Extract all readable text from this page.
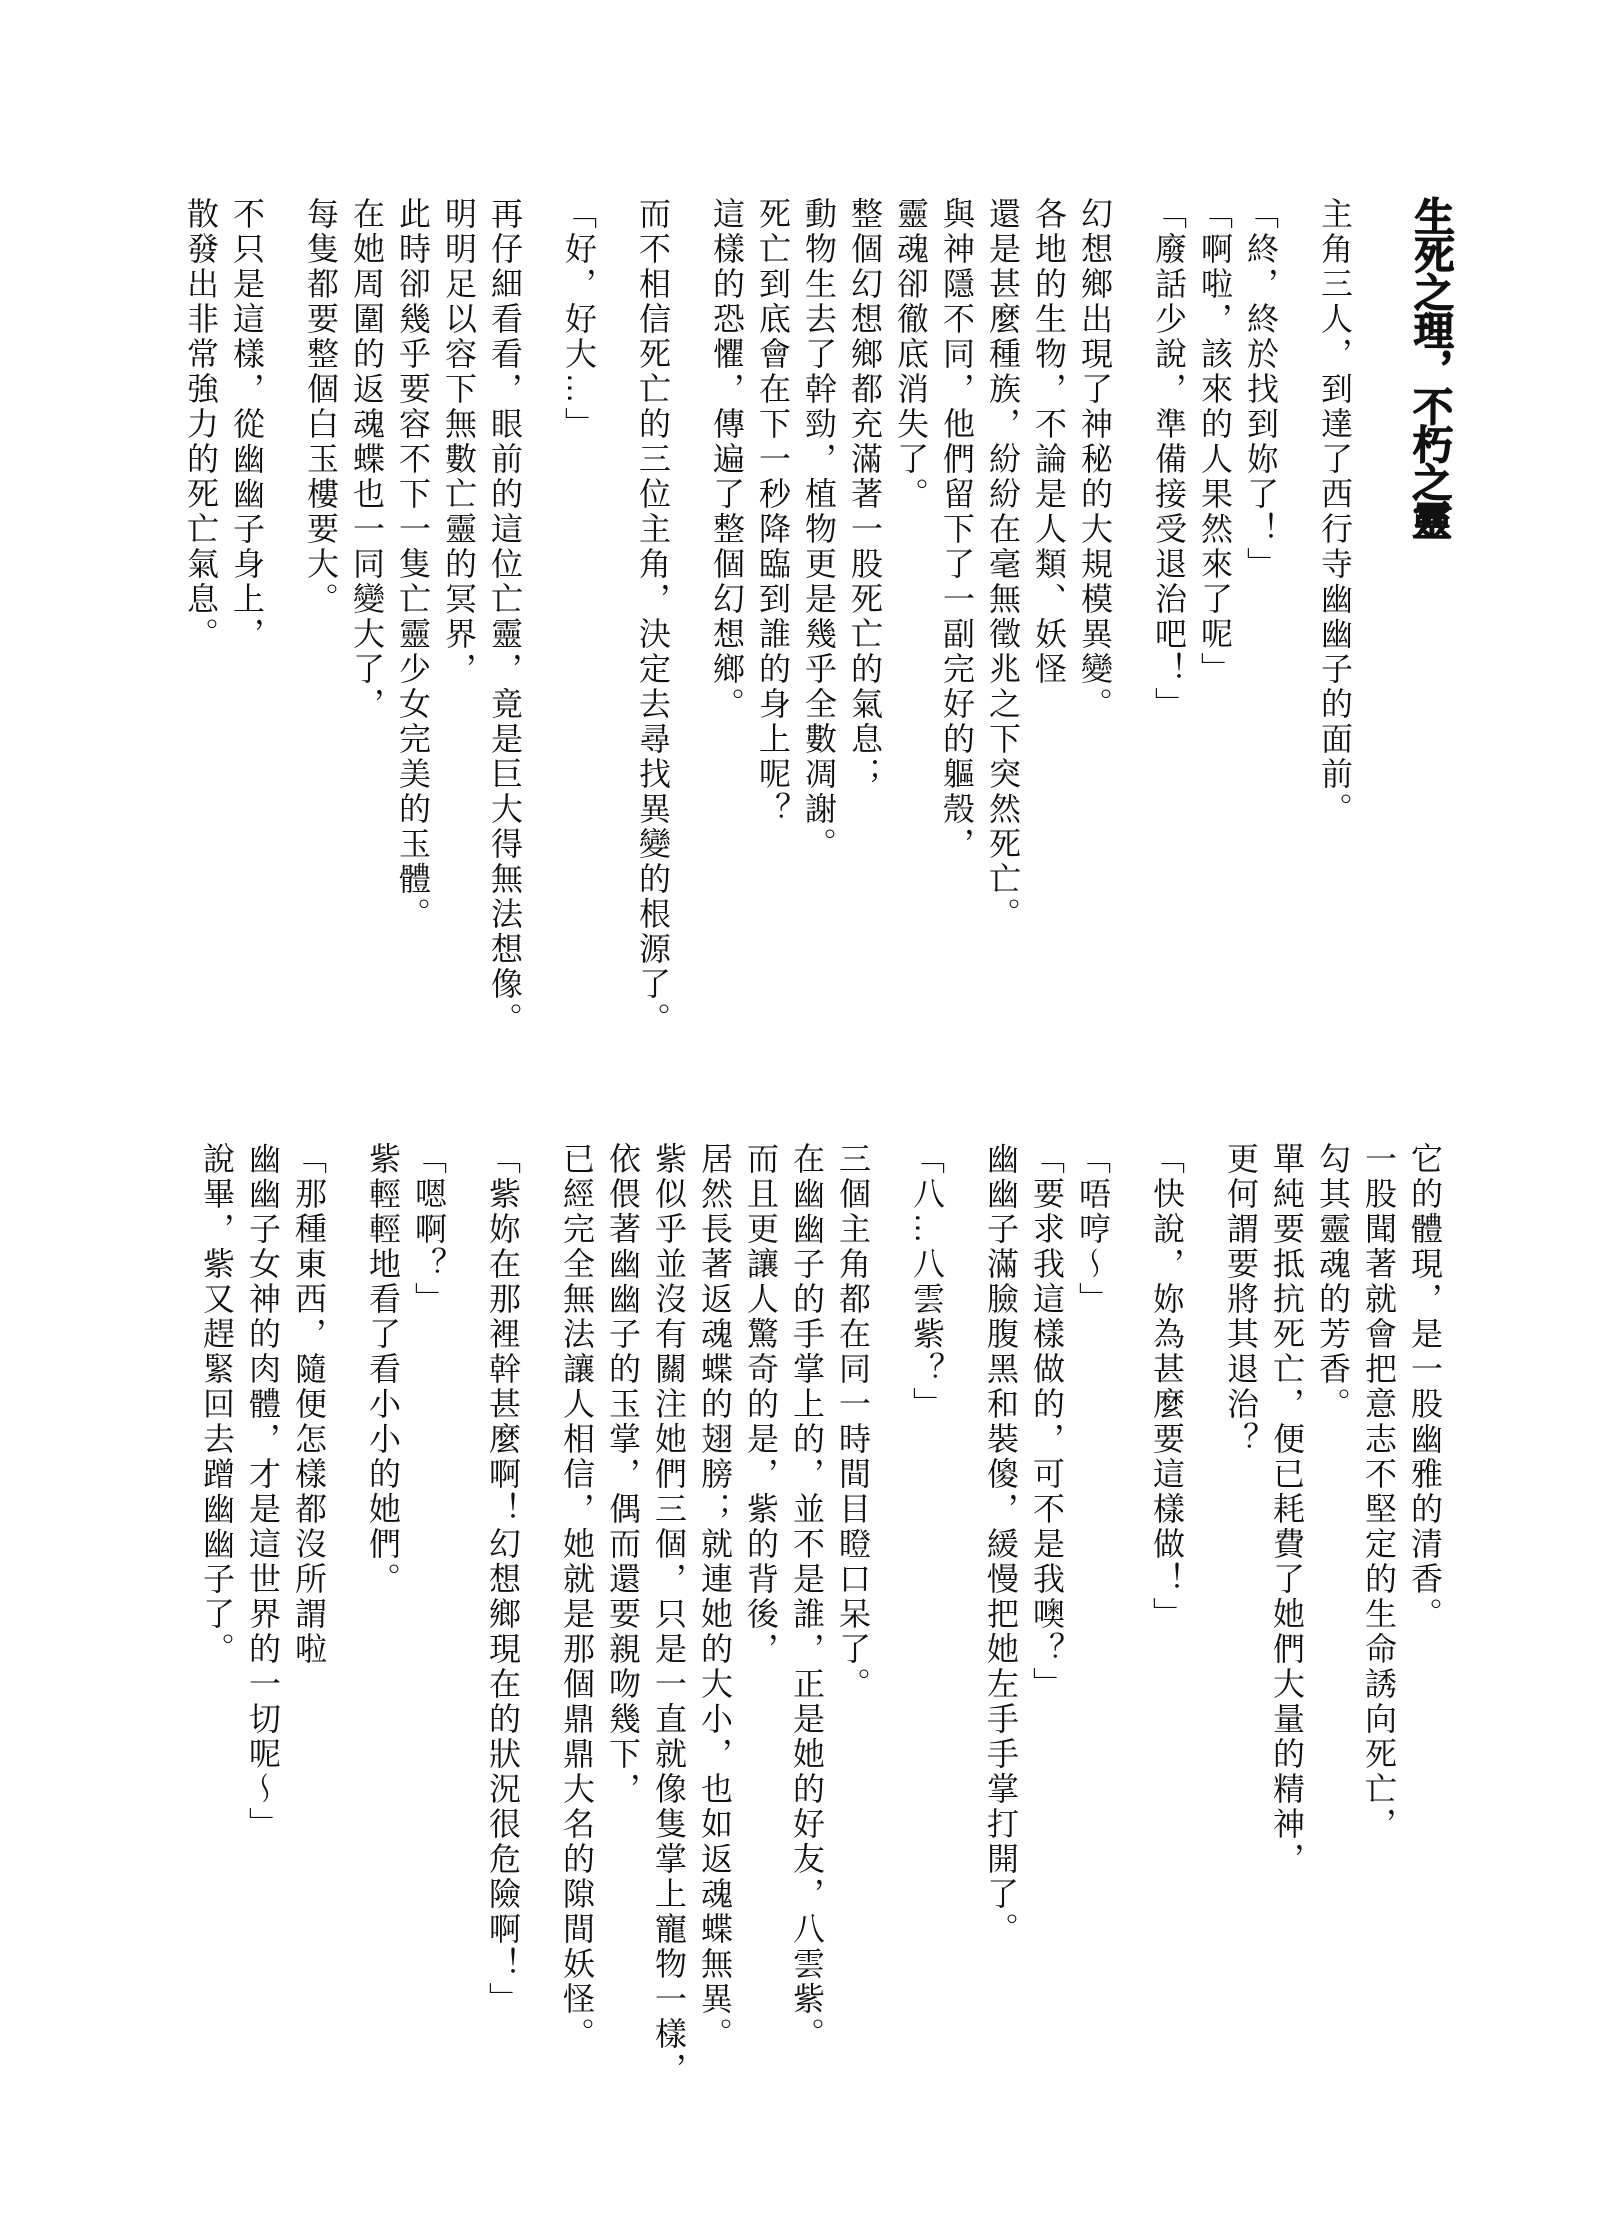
生死之理，不朽之靈
主角三人，到達了西行寺幽幽子的面前。
「終，終於找到妳了！」
「啊啦，該來的人果然來了呢」
「廢話少說，準備接受退治吧！」
幻想鄉出現了神秘的大規模異變。
各地的生物，不論是人類、妖怪
還是甚麼種族，紛紛在毫無徵兆之下突然死亡。
與神隱不同，他們留下了一副完好的軀殼，
靈魂卻徹底消失了。
整個幻想鄉都充滿著一股死亡的氣息；
動物生去了幹勁，植物更是幾乎全數凋謝。
死亡到底會在下一秒降臨到誰的身上呢？
這樣的恐懼，傳遍了整個幻想鄉。
而不相信死亡的三位主角，決定去尋找異變的根源了。
「好，好大…」
再仔細看看，眼前的這位亡靈，竟是巨大得無法想像。
明明足以容下無數亡靈的冥界，
此時卻幾乎要容不下一隻亡靈少女完美的玉體。
在她周圍的返魂蝶也一同變大了，
每隻都要整個白玉樓要大。
不只是這樣，從幽幽子身上，
散發出非常強力的死亡氣息。
它的體現，是一股幽雅的清香。
一股聞著就會把意志不堅定的生命誘向死亡，
勾其靈魂的芳香。
單純要抵抗死亡，便已耗費了她們大量的精神，
更何謂要將其退治？
「快說，妳為甚麼要這樣做！」
「唔哼～」
「要求我這樣做的，可不是我噢？」
幽幽子滿臉腹黑和裝傻，緩慢把她左手手掌打開了。
「八…八雲紫？」
三個主角都在同一時間目瞪口呆了。
在幽幽子的手掌上的，並不是誰，正是她的好友，八雲紫。
而且更讓人驚奇的是，紫的背後，
居然長著返魂蝶的翅膀；就連她的大小，也如返魂蝶無異。
紫似乎並沒有關注她們三個，只是一直就像隻掌上寵物一樣，
依偎著幽幽子的玉掌，偶而還要親吻幾下，
已經完全無法讓人相信，她就是那個鼎鼎大名的隙間妖怪。
「紫妳在那裡幹甚麼啊！幻想鄉現在的狀況很危險啊！」
「嗯啊？」
紫輕輕地看了看小小的她們。
「那種東西，隨便怎樣都沒所謂啦
幽幽子女神的肉體，才是這世界的一切呢～」
說畢，紫又趕緊回去蹭幽幽子了。
